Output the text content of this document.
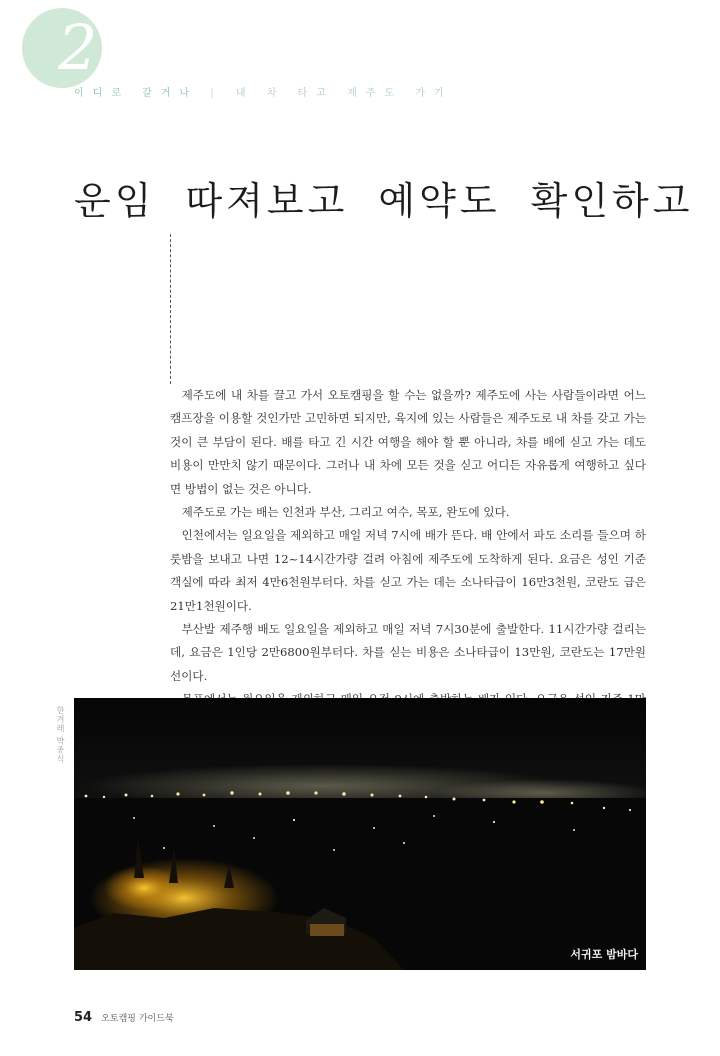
2
이디로 갈거나 | 내 차 타고 제주도 가기
운임 따져보고 예약도 확인하고

제주도에 내 차를 끌고 가서 오토캠핑을 할 수는 없을까? 제주도에 사는 사람들이라면 어느 캠프장을 이용할 것인가만 고민하면 되지만, 육지에 있는 사람들은 제주도로 내 차를 갖고 가는 것이 큰 부담이 된다. 배를 타고 긴 시간 여행을 해야 할 뿐 아니라, 차를 배에 싣고 가는 데도 비용이 만만치 않기 때문이다. 그러나 내 차에 모든 것을 싣고 어디든 자유롭게 여행하고 싶다면 방법이 없는 것은 아니다.

제주도로 가는 배는 인천과 부산, 그리고 여수, 목포, 완도에 있다.

인천에서는 일요일을 제외하고 매일 저녁 7시에 배가 뜬다. 배 안에서 파도 소리를 들으며 하룻밤을 보내고 나면 12~14시간가량 걸려 아침에 제주도에 도착하게 된다. 요금은 성인 기준 객실에 따라 최저 4만6천원부터다. 차를 싣고 가는 데는 소나타급이 16만3천원, 코란도 급은 21만1천원이다.

부산발 제주행 배도 일요일을 제외하고 매일 저녁 7시30분에 출발한다. 11시간가량 걸리는데, 요금은 1인당 2만6800원부터다. 차를 싣는 비용은 소나타급이 13만원, 코란도는 17만원선이다.

한겨레 박종식
서귀포 밤바다
54 오토캠핑 가이드북
